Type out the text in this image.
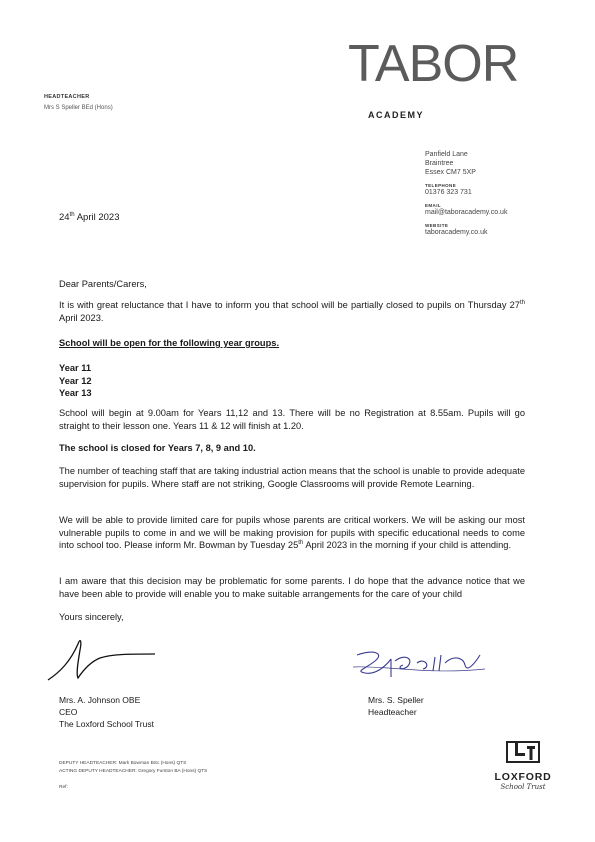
HEADTEACHER
Mrs S Speller BEd (Hons)
TABOR
ACADEMY
Panfield Lane
Braintree
Essex CM7 5XP
TELEPHONE
01376 323 731
EMAIL
mail@taboracademy.co.uk
WEBSITE
taboracademy.co.uk
24th April 2023
Dear Parents/Carers,
It is with great reluctance that I have to inform you that school will be partially closed to pupils on Thursday 27th April 2023.
School will be open for the following year groups.
Year 11
Year 12
Year 13
School will begin at 9.00am for Years 11,12 and 13. There will be no Registration at 8.55am. Pupils will go straight to their lesson one. Years 11 & 12 will finish at 1.20.
The school is closed for Years 7, 8, 9 and 10.
The number of teaching staff that are taking industrial action means that the school is unable to provide adequate supervision for pupils. Where staff are not striking, Google Classrooms will provide Remote Learning.
We will be able to provide limited care for pupils whose parents are critical workers. We will be asking our most vulnerable pupils to come in and we will be making provision for pupils with specific educational needs to come into school too. Please inform Mr. Bowman by Tuesday 25th April 2023 in the morning if your child is attending.
I am aware that this decision may be problematic for some parents. I do hope that the advance notice that we have been able to provide will enable you to make suitable arrangements for the care of your child
Yours sincerely,
Mrs. A. Johnson OBE
CEO
The Loxford School Trust
Mrs. S. Speller
Headteacher
DEPUTY HEADTEACHER: Mark Bowman BSc (Hons) QTS
ACTING DEPUTY HEADTEACHER: Gregory Furston BA (Hons) QTS
Ref:
LOXFORD
School Trust
